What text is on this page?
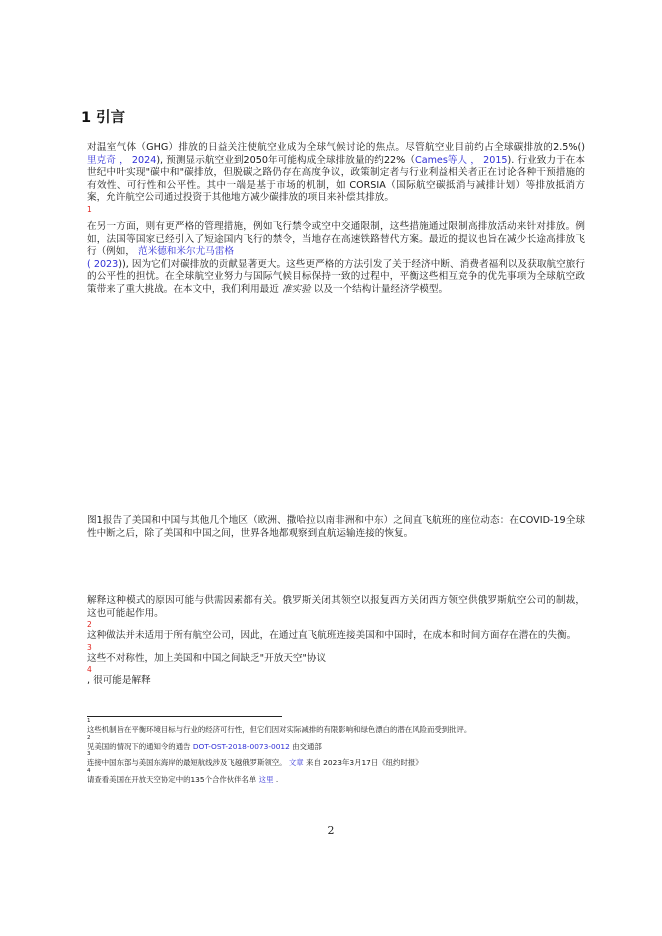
1 引言
对温室气体（GHG）排放的日益关注使航空业成为全球气候讨论的焦点。尽管航空业目前约占全球碳排放的2.5%() 里克奇 ， 2024), 预测显示航空业到2050年可能构成全球排放量的约22%（Cames等人 ， 2015). 行业致力于在本世纪中叶实现"碳中和"碳排放，但脱碳之路仍存在高度争议，政策制定者与行业利益相关者正在讨论各种干预措施的有效性、可行性和公平性。其中一端是基于市场的机制，如 CORSIA（国际航空碳抵消与减排计划）等排放抵消方案，允许航空公司通过投资于其他地方减少碳排放的项目来补偿其排放。
1
在另一方面，则有更严格的管理措施，例如飞行禁令或空中交通限制，这些措施通过限制高排放活动来针对排放。例如，法国等国家已经引入了短途国内飞行的禁令，当地存在高速铁路替代方案。最近的提议也旨在减少长途高排放飞行（例如， 范米德和米尔尤马雷格
( 2023)), 因为它们对碳排放的贡献显著更大。这些更严格的方法引发了关于经济中断、消费者福利以及获取航空旅行的公平性的担忧。在全球航空业努力与国际气候目标保持一致的过程中，平衡这些相互竞争的优先事项为全球航空政策带来了重大挑战。在本文中，我们利用最近 准实验 以及一个结构计量经济学模型。
图1报告了美国和中国与其他几个地区（欧洲、撒哈拉以南非洲和中东）之间直飞航班的座位动态：在COVID-19全球性中断之后，除了美国和中国之间，世界各地都观察到直航运输连接的恢复。
解释这种模式的原因可能与供需因素都有关。俄罗斯关闭其领空以报复西方关闭西方领空供俄罗斯航空公司的制裁，这也可能起作用。
2
这种做法并未适用于所有航空公司，因此，在通过直飞航班连接美国和中国时，在成本和时间方面存在潜在的失衡。
3
这些不对称性，加上美国和中国之间缺乏"开放天空"协议
4
, 很可能是解释
1
这些机制旨在平衡环境目标与行业的经济可行性，但它们因对实际减排的有限影响和绿色漂白的潜在风险而受到批评。
2
见美国的情况下的通知令的通告 DOT-OST-2018-0073-0012 由交通部
3
连接中国东部与美国东海岸的最短航线涉及飞越俄罗斯领空。 文章 来自 2023年3月17日《纽约时报》
4
请查看美国在开放天空协定中的135个合作伙伴名单 这里 .
2
